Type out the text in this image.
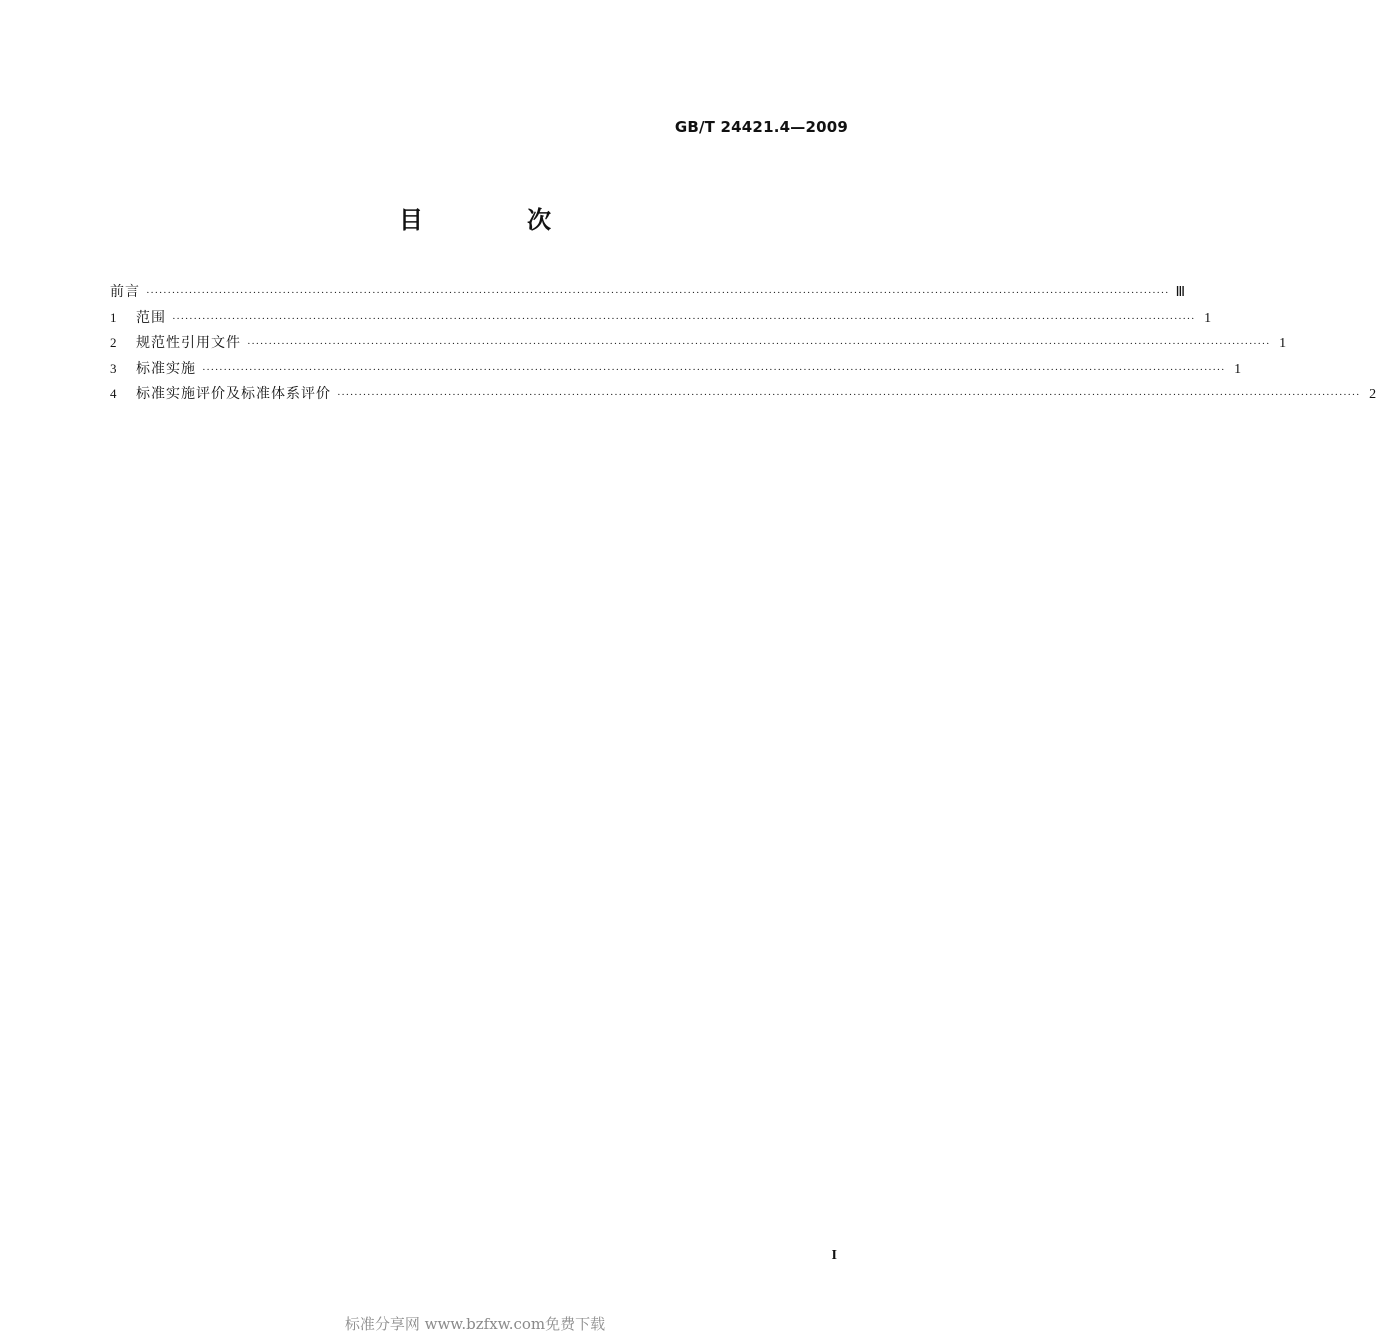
GB/T 24421.4—2009
目　次
前言 ················································································································································································································································ Ⅲ
1	范围 ················································································································································································································································ 1
2	规范性引用文件 ················································································································································································································································ 1
3	标准实施 ················································································································································································································································ 1
4	标准实施评价及标准体系评价 ················································································································································································································································ 2
I
标准分享网 www.bzfxw.com免费下载
